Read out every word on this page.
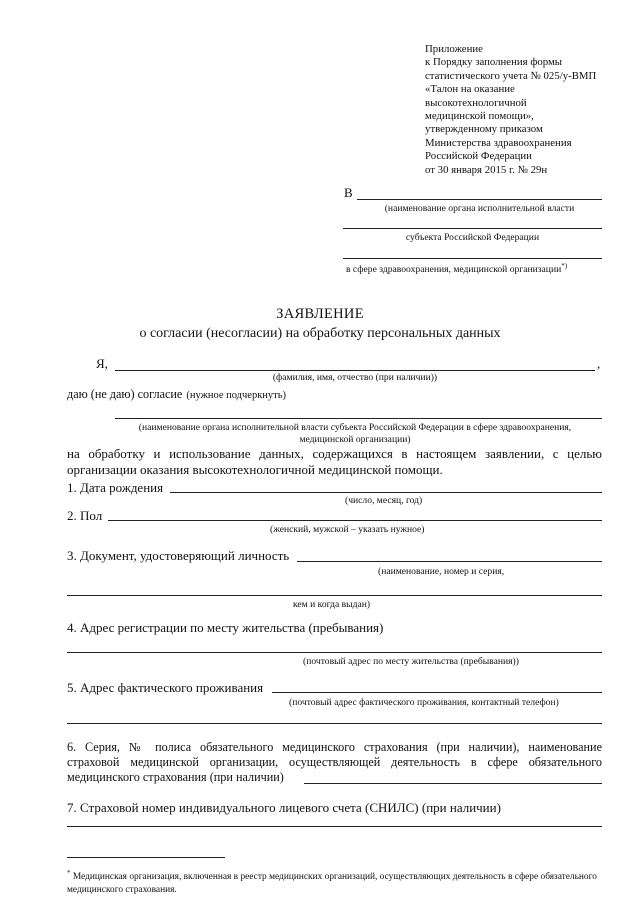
Приложение
к Порядку заполнения формы
статистического учета № 025/у-ВМП
«Талон на оказание
высокотехнологичной
медицинской помощи»,
утвержденному приказом
Министерства здравоохранения
Российской Федерации
от 30 января 2015 г. № 29н
В
(наименование органа исполнительной власти
субъекта Российской Федерации
в сфере здравоохранения, медицинской организации*)
ЗАЯВЛЕНИЕ
о согласии (несогласии) на обработку персональных данных
Я,	,
(фамилия, имя, отчество (при наличии))
даю (не даю) согласие (нужное подчеркнуть)
(наименование органа исполнительной власти субъекта Российской Федерации в сфере здравоохранения,
медицинской организации)
на обработку и использование данных, содержащихся в настоящем заявлении, с целью
организации оказания высокотехнологичной медицинской помощи.
1. Дата рождения
(число, месяц, год)
2. Пол
(женский, мужской – указать нужное)
3. Документ, удостоверяющий личность
(наименование, номер и серия,
кем и когда выдан)
4. Адрес регистрации по месту жительства (пребывания)
(почтовый адрес по месту жительства (пребывания))
5. Адрес фактического проживания
(почтовый адрес фактического проживания, контактный телефон)
6. Серия, № полиса обязательного медицинского страхования (при наличии), наименование
страховой медицинской организации, осуществляющей деятельность в сфере обязательного
медицинского страхования (при наличии)
7. Страховой номер индивидуального лицевого счета (СНИЛС) (при наличии)
* Медицинская организация, включенная в реестр медицинских организаций, осуществляющих деятельность в сфере обязательного медицинского страхования.
